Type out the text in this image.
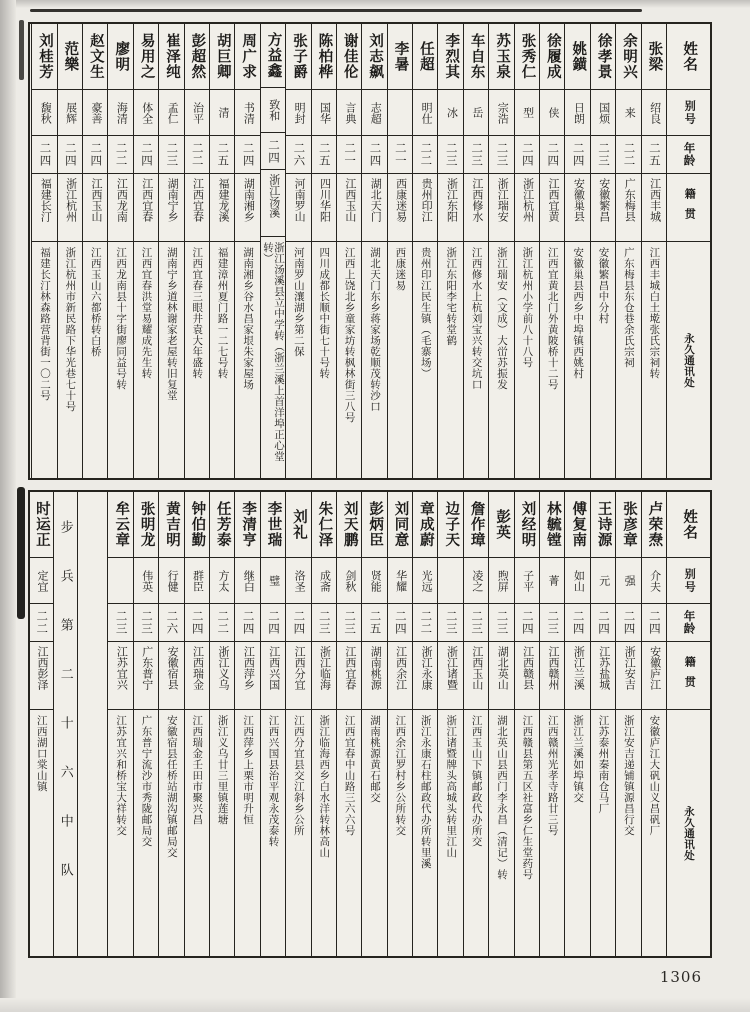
姓名
别号
年龄
籍贯
永久通讯处
张梁
绍良
二五
江西丰城
江西丰城白土墘张氏宗祠转
余明兴
来
二二
广东梅县
广东梅县东仓巷余氏宗祠
徐孝景
国烦
二三
安徽繁昌
安徽繁昌中分村
姚鐄
日朗
二四
安徽巢县
安徽巢县西乡中埠镇西姚村
徐履成
侠
二四
江西宜黄
江西宜黄北门外黄陂桥十二号
张秀仁
型
二四
浙江杭州
浙江杭州小学前八十八号
苏玉泉
宗浩
二三
浙江瑞安
浙江瑞安（文成）大峃苏振发
车自东
岳
二三
江西修水
江西修水上杭刘宝兴转交坑口
李烈其
冰
二三
浙江东阳
浙江东阳李宅转堂鹤
任超
明仕
二二
贵州印江
贵州印江民生镇（毛寨场）
李暑
二一
西康迷易
西康迷易
刘志飙
志超
二四
湖北天门
湖北天门东乡蒋家场乾顺茂转沙口
谢佳伦
言典
二一
江西玉山
江西上饶北乡童家坊转枫林街三八号
陈柏桦
国华
二五
四川华阳
四川成都长顺中街七十号转
张子爵
明封
二六
河南罗山
河南罗山瀼湖乡第二保
方益鑫
致和
二四
浙江汤溪
浙江汤溪县立中学转（浙兰溪上首洋埠正心堂转）
周广求
书清
二四
湖南湘乡
湖南湘乡谷水昌家垠朱家屋场
胡巨卿
清
二五
福建龙溪
福建漳州夏门路一二七号转
彭超然
治平
二二
江西宜春
江西宜春三眼井袁大年盛转
崔泽纯
孟仁
二三
湖南宁乡
湖南宁乡道林谢家老屋转旧复堂
易用之
体全
二四
江西宜春
江西宜春洪堂易耀成先生转
廖明
海清
二二
江西龙南
江西龙南县十字街廖同益号转
赵文生
豪善
二四
江西玉山
江西玉山六都桥转白桥
范樂
展辉
二四
浙江杭州
浙江杭州市新民路下华光巷七十号
刘桂芳
馥秋
二四
福建长汀
福建长汀林森路营背街一〇二号
姓名
别号
年龄
籍贯
永久通讯处
卢荣焘
介夫
二四
安徽庐江
安徽庐江大矾山义昌矾厂
张彦章
强
二四
浙江安吉
浙江安吉递铺镇源昌行交
王诗源
元
二四
江苏盐城
江苏泰州秦南仓马厂
傅复南
如山
二四
浙江兰溪
浙江兰溪如埠镇交
林毓镗
菁
二三
江西赣州
江西赣州光孝寺路廿三号
刘经明
子平
二四
江西赣县
江西赣县第五区社富乡仁生堂药号
彭英
煦屏
二三
湖北英山
湖北英山县西门李永昌（清记）转
詹作璋
凌之
二三
江西玉山
江西玉山下镇邮政代办所交
边子天
二三
浙江诸暨
浙江诸暨牌头高城头转里江山
章成蔚
光远
二二
浙江永康
浙江永康石柱邮政代办所转里溪
刘同意
华耀
二四
江西余江
江西余江罗村乡公所转交
彭炳臣
贤能
二五
湖南桃源
湖南桃源黄石邮交
刘天鹏
剑秋
二三
江西宜春
江西宜春中山路三六六号
朱仁泽
成斋
二三
浙江临海
浙江临海西乡白水洋转林高山
刘礼
洛圣
二四
江西分宜
江西分宜县交江斜乡公所
李世瑞
璧
二四
江西兴国
江西兴国县治平观永茂泰转
李清亨
继白
二四
江西萍乡
江西萍乡上栗市明升恒
任芳泰
方太
二二
浙江义乌
浙江义乌廿三里镇莲塘
钟伯勤
群臣
二四
江西瑞金
江西瑞金壬田市聚兴昌
黄吉明
行健
二六
安徽宿县
安徽宿县任桥站湖沟镇邮局交
张明龙
伟英
二三
广东普宁
广东普宁流沙市秀陇邮局交
牟云章
二三
江苏宜兴
江苏宜兴和桥宝大祥转交
步兵第二十六中队
时运正
定宜
二二
江西彭泽
江西湖口棠山镇
1306
